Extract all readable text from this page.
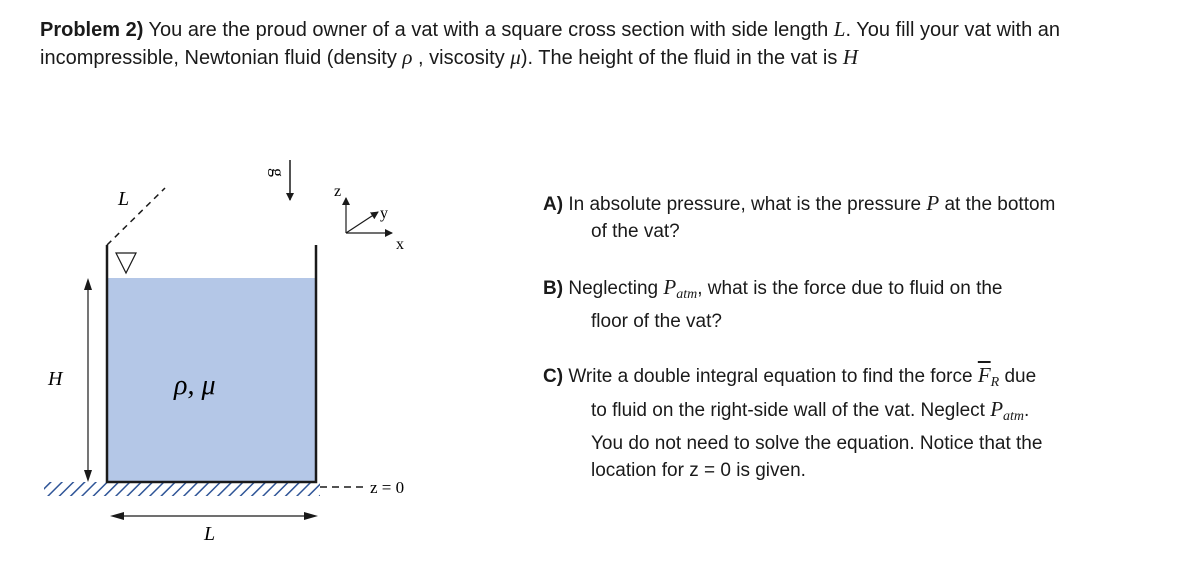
Problem 2) You are the proud owner of a vat with a square cross section with side length L. You fill your vat with an incompressible, Newtonian fluid (density ρ , viscosity μ). The height of the fluid in the vat is H
L
g
z
y
x
ρ, μ
H
L
z = 0
A) In absolute pressure, what is the pressure P at the bottom
of the vat?
B) Neglecting $P_{atm}$, what is the force due to fluid on the
floor of the vat?
C) Write a double integral equation to find the force $\overline{F}_R$ due
to fluid on the right-side wall of the vat. Neglect $P_{atm}$.
You do not need to solve the equation. Notice that the
location for z = 0 is given.
